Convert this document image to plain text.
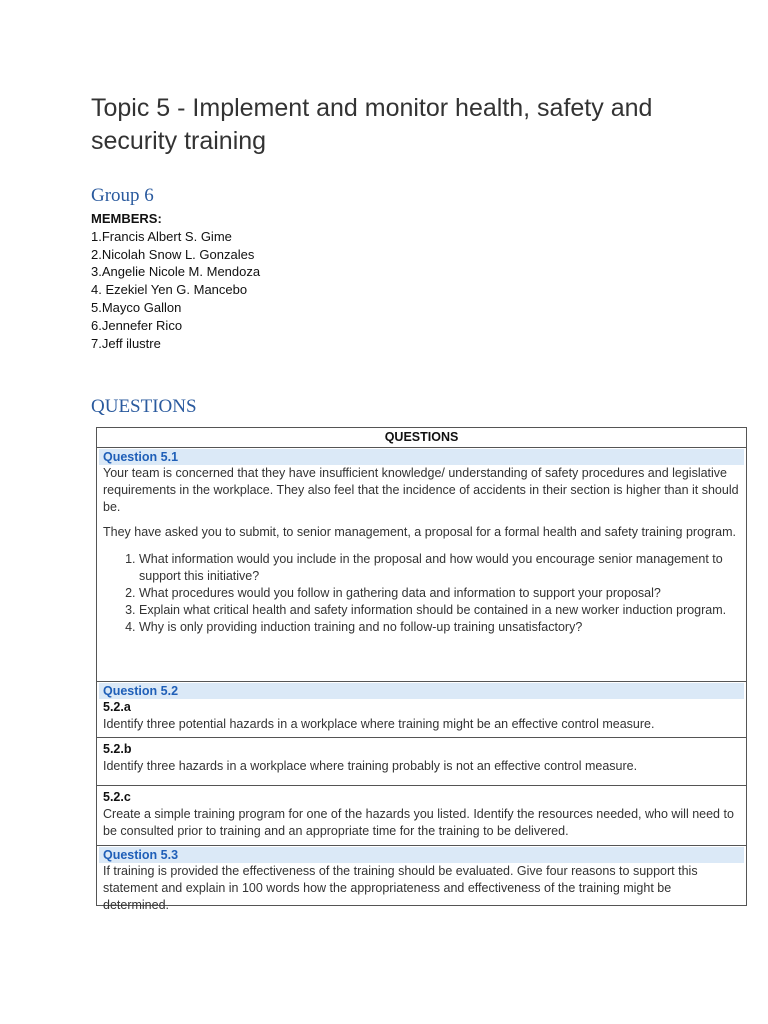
Topic 5 - Implement and monitor health, safety and security training
Group 6
MEMBERS:
1.Francis Albert S. Gime
2.Nicolah Snow L. Gonzales
3.Angelie Nicole M. Mendoza
4. Ezekiel Yen G. Mancebo
5.Mayco Gallon
6.Jennefer Rico
7.Jeff ilustre
QUESTIONS
QUESTIONS
Question 5.1

Your team is concerned that they have insufficient knowledge/ understanding of safety procedures and legislative requirements in the workplace. They also feel that the incidence of accidents in their section is higher than it should be.

They have asked you to submit, to senior management, a proposal for a formal health and safety training program.

1. What information would you include in the proposal and how would you encourage senior management to support this initiative?
2. What procedures would you follow in gathering data and information to support your proposal?
3. Explain what critical health and safety information should be contained in a new worker induction program.
4. Why is only providing induction training and no follow-up training unsatisfactory?
Question 5.2
5.2.a

Identify three potential hazards in a workplace where training might be an effective control measure.

5.2.b

Identify three hazards in a workplace where training probably is not an effective control measure.

5.2.c

Create a simple training program for one of the hazards you listed. Identify the resources needed, who will need to be consulted prior to training and an appropriate time for the training to be delivered.

Question 5.3

If training is provided the effectiveness of the training should be evaluated. Give four reasons to support this statement and explain in 100 words how the appropriateness and effectiveness of the training might be determined.
